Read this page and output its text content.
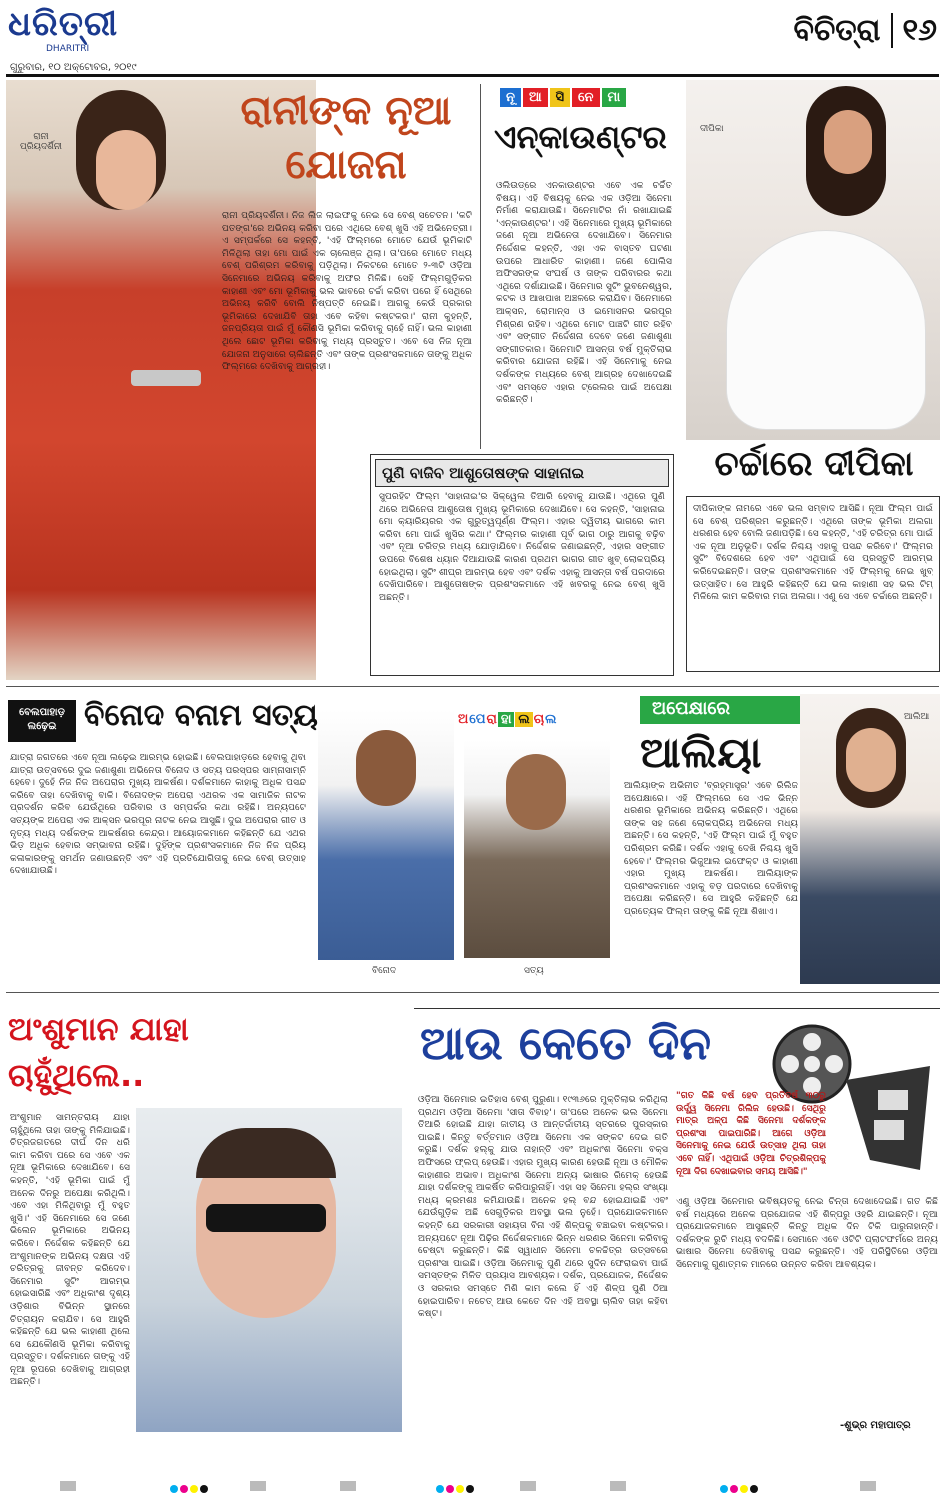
ଧରିତ୍ରୀ
DHARITRI
ଗୁରୁବାର, ୧୦ ଅକ୍ଟୋବର, ୨୦୧୯
ବିଚିତ୍ରା ୧୬
ରାନୀ ପ୍ରିୟଦର୍ଶିନୀ
ରାନୀଙ୍କ ନୂଆ
ଯୋଜନା
ରାନୀ ପ୍ରିୟଦର୍ଶିନୀ। ନିଜ ଲିଜ ଲାଇଫକୁ ନେଇ ସେ ବେଶ୍ ସଚେତନ। 'କଟି ପତଙ୍ଗ'ରେ ଅଭିନୟ କରିବା ପରେ ଏଥିରେ ବେଶ୍ ଖୁସି ଏହି ଅଭିନେତ୍ରୀ। ଏ ସମ୍ପର୍କରେ ସେ କହନ୍ତି, 'ଏହି ଫିଲ୍ମରେ ମୋତେ ଯେଉଁ ଭୂମିକାଟି ମିଳିଥିଲା ତାହା ମୋ ପାଇଁ ଏକ ଚାଲେଞ୍ଜ ଥିଲା। ତା'ପରେ ମୋତେ ମଧ୍ୟ ବେଶ୍ ପରିଶ୍ରମ କରିବାକୁ ପଡ଼ିଥିଲା। ନିକଟରେ ମୋତେ ୨-୩ଟି ଓଡ଼ିଆ ସିନେମାରେ ଅଭିନୟ କରିବାକୁ ଅଫର ମିଳିଛି। ସେହି ଫିଲ୍ମଗୁଡ଼ିକର କାହାଣୀ ଏବଂ ମୋ ଭୂମିକାକୁ ଭଲ ଭାବରେ ଚର୍ଚ୍ଚା କରିବା ପରେ ହିଁ ସେଥିରେ ଅଭିନୟ କରିବି ବୋଲି ନିଷ୍ପତ୍ତି ନେଇଛି। ଆଗକୁ କେଉଁ ପ୍ରକାର ଭୂମିକାରେ ଦେଖାଯିବି ତାହା ଏବେ କହିବା କଷ୍ଟକର।' ରାନୀ କୁହନ୍ତି, ଜନପ୍ରିୟତା ପାଇଁ ମୁଁ କୌଣସି ଭୂମିକା କରିବାକୁ ଚାହେଁ ନାହିଁ। ଭଲ କାହାଣୀ ଥିଲେ ଛୋଟ ଭୂମିକା କରିବାକୁ ମଧ୍ୟ ପ୍ରସ୍ତୁତ। ଏବେ ସେ ନିଜ ନୂଆ ଯୋଜନା ଅନୁସାରେ ଚାଲିଛନ୍ତି ଏବଂ ତାଙ୍କ ପ୍ରଶଂସକମାନେ ତାଙ୍କୁ ଅଧିକ ଫିଲ୍ମରେ ଦେଖିବାକୁ ଆଗ୍ରହୀ।
ନୂ	ଆ	ସି	ନେ	ମା
ଏନ୍‌କାଉଣ୍ଟର
ଓଲିଉଡ୍‌ରେ ଏନକାଉଣ୍ଟର ଏବେ ଏକ ଚର୍ଚ୍ଚିତ ବିଷୟ। ଏହି ବିଷୟକୁ ନେଇ ଏକ ଓଡ଼ିଆ ସିନେମା ନିର୍ମାଣ କରାଯାଉଛି। ସିନେମାଟିର ନାଁ ରଖାଯାଇଛି 'ଏନ୍‌କାଉଣ୍ଟର'। ଏହି ସିନେମାରେ ମୁଖ୍ୟ ଭୂମିକାରେ ଜଣେ ନୂଆ ଅଭିନେତା ଦେଖାଯିବେ। ସିନେମାର ନିର୍ଦ୍ଦେଶକ କହନ୍ତି, ଏହା ଏକ ବାସ୍ତବ ଘଟଣା ଉପରେ ଆଧାରିତ କାହାଣୀ। ଜଣେ ପୋଲିସ ଅଫିସରଙ୍କ ସଂଘର୍ଷ ଓ ତାଙ୍କ ପରିବାରର କଥା ଏଥିରେ ଦର୍ଶାଯାଇଛି। ସିନେମାର ସୁଟିଂ ଭୁବନେଶ୍ୱର, କଟକ ଓ ଆଖପାଖ ଅଞ୍ଚଳରେ କରାଯିବ। ସିନେମାରେ ଆକ୍ସନ, ରୋମାନ୍ସ ଓ ଇମୋସନର ଭରପୂର ମିଶ୍ରଣ ରହିବ। ଏଥିରେ ମୋଟ ପାଞ୍ଚଟି ଗୀତ ରହିବ ଏବଂ ସଙ୍ଗୀତ ନିର୍ଦ୍ଦେଶନା ଦେବେ ଜଣେ ଜଣାଶୁଣା ସଙ୍ଗୀତକାର। ସିନେମାଟି ଆସନ୍ତା ବର୍ଷ ମୁକ୍ତିଲାଭ କରିବାର ଯୋଜନା ରହିଛି। ଏହି ସିନେମାକୁ ନେଇ ଦର୍ଶକଙ୍କ ମଧ୍ୟରେ ବେଶ୍ ଆଗ୍ରହ ଦେଖାଦେଇଛି ଏବଂ ସମସ୍ତେ ଏହାର ଟ୍ରେଲର ପାଇଁ ଅପେକ୍ଷା କରିଛନ୍ତି।
ଦୀପିକା
ଚର୍ଚ୍ଚାରେ ଦୀପିକା
ଦୀପିକାଙ୍କ ନାମରେ ଏବେ ଭଲ ସମ୍ବାଦ ଆସିଛି। ନୂଆ ଫିଲ୍ମ ପାଇଁ ସେ ବେଶ୍ ପରିଶ୍ରମ କରୁଛନ୍ତି। ଏଥିରେ ତାଙ୍କ ଭୂମିକା ଅଲଗା ଧରଣର ହେବ ବୋଲି ଜଣାପଡ଼ିଛି। ସେ କହନ୍ତି, 'ଏହି ଚରିତ୍ର ମୋ ପାଇଁ ଏକ ନୂଆ ଅନୁଭୂତି। ଦର୍ଶକ ନିଶ୍ଚୟ ଏହାକୁ ପସନ୍ଦ କରିବେ।' ଫିଲ୍ମର ସୁଟିଂ ବିଦେଶରେ ହେବ ଏବଂ ଏଥିପାଇଁ ସେ ପ୍ରସ୍ତୁତି ଆରମ୍ଭ କରିଦେଇଛନ୍ତି। ତାଙ୍କ ପ୍ରଶଂସକମାନେ ଏହି ଫିଲ୍ମକୁ ନେଇ ଖୁବ୍ ଉତ୍ସାହିତ। ସେ ଆହୁରି କହିଛନ୍ତି ଯେ ଭଲ କାହାଣୀ ସହ ଭଲ ଟିମ୍ ମିଳିଲେ କାମ କରିବାର ମଜା ଅଲଗା। ଏଣୁ ସେ ଏବେ ଚର୍ଚ୍ଚାରେ ଅଛନ୍ତି।
ପୁଣି ବାଜିବ ଆଶୁତୋଷଙ୍କ ସାହାନାଇ
ସୁପରହିଟ ଫିଲ୍ମ 'ସାହାନାଇ'ର ସିକ୍ୱେଲ ତିଆରି ହେବାକୁ ଯାଉଛି। ଏଥିରେ ପୁଣି ଥରେ ଅଭିନେତା ଆଶୁତୋଷ ମୁଖ୍ୟ ଭୂମିକାରେ ଦେଖାଯିବେ। ସେ କହନ୍ତି, 'ସାହାନାଇ ମୋ କ୍ୟାରିୟରର ଏକ ଗୁରୁତ୍ୱପୂର୍ଣ୍ଣ ଫିଲ୍ମ। ଏହାର ଦ୍ୱିତୀୟ ଭାଗରେ କାମ କରିବା ମୋ ପାଇଁ ଖୁସିର କଥା।' ଫିଲ୍ମର କାହାଣୀ ପୂର୍ବ ଭାଗ ଠାରୁ ଆଗକୁ ବଢ଼ିବ ଏବଂ ନୂଆ ଚରିତ୍ର ମଧ୍ୟ ଯୋଡ଼ାଯିବେ। ନିର୍ଦ୍ଦେଶକ ଜଣାଇଛନ୍ତି, ଏହାର ସଙ୍ଗୀତ ଉପରେ ବିଶେଷ ଧ୍ୟାନ ଦିଆଯାଉଛି କାରଣ ପ୍ରଥମ ଭାଗର ଗୀତ ଖୁବ୍ ଲୋକପ୍ରିୟ ହୋଇଥିଲା। ସୁଟିଂ ଶୀଘ୍ର ଆରମ୍ଭ ହେବ ଏବଂ ଦର୍ଶକ ଏହାକୁ ଆସନ୍ତା ବର୍ଷ ପରଦାରେ ଦେଖିପାରିବେ। ଆଶୁତୋଷଙ୍କ ପ୍ରଶଂସକମାନେ ଏହି ଖବରକୁ ନେଇ ବେଶ୍ ଖୁସି ଅଛନ୍ତି।
ବେଲପାହାଡ଼ ଲଢ଼େଇ ବିନୋଦ ବନାମ ସତ୍ୟ	ଅ ପେ ରା ହା ଲ ଚା ଲ
ଯାତ୍ରା ଜଗତରେ ଏବେ ନୂଆ ଲଢ଼େଇ ଆରମ୍ଭ ହୋଇଛି। ବେଲପାହାଡ଼ରେ ହେବାକୁ ଥିବା ଯାତ୍ରା ଉତ୍ସବରେ ଦୁଇ ଜଣାଶୁଣା ଅଭିନେତା ବିନୋଦ ଓ ସତ୍ୟ ପରସ୍ପର ସାମ୍ନାସାମ୍ନି ହେବେ। ଦୁହେଁ ନିଜ ନିଜ ଅପେରାର ମୁଖ୍ୟ ଆକର୍ଷଣ। ଦର୍ଶକମାନେ କାହାକୁ ଅଧିକ ପସନ୍ଦ କରିବେ ତାହା ଦେଖିବାକୁ ବାକି। ବିନୋଦଙ୍କ ଅପେରା ଏଥରକ ଏକ ସାମାଜିକ ନାଟକ ପ୍ରଦର୍ଶନ କରିବ ଯେଉଁଥିରେ ପରିବାର ଓ ସମ୍ପର୍କର କଥା ରହିଛି। ଅନ୍ୟପଟେ ସତ୍ୟଙ୍କ ଅପେରା ଏକ ଆକ୍ସନ ଭରପୂର ନାଟକ ନେଇ ଆସୁଛି। ଦୁଇ ଅପେରାର ଗୀତ ଓ ନୃତ୍ୟ ମଧ୍ୟ ଦର୍ଶକଙ୍କ ଆକର୍ଷଣର କେନ୍ଦ୍ର। ଆୟୋଜକମାନେ କହିଛନ୍ତି ଯେ ଏଥର ଭିଡ଼ ଅଧିକ ହେବାର ସମ୍ଭାବନା ରହିଛି। ଦୁହିଁଙ୍କ ପ୍ରଶଂସକମାନେ ନିଜ ନିଜ ପ୍ରିୟ କଳାକାରଙ୍କୁ ସମର୍ଥନ ଜଣାଉଛନ୍ତି ଏବଂ ଏହି ପ୍ରତିଯୋଗିତାକୁ ନେଇ ବେଶ୍ ଉତ୍ସାହ ଦେଖାଯାଉଛି।
ବିନୋଦ	ସତ୍ୟ
ଅପେକ୍ଷାରେ
ଆଲିୟା
ଆଲିଆ
ଆଲିୟାଙ୍କ ଅଭିନୀତ 'ବ୍ରହ୍ମାସ୍ତ୍ର' ଏବେ ରିଲିଜ ଅପେକ୍ଷାରେ। ଏହି ଫିଲ୍ମରେ ସେ ଏକ ଭିନ୍ନ ଧରଣର ଭୂମିକାରେ ଅଭିନୟ କରିଛନ୍ତି। ଏଥିରେ ତାଙ୍କ ସହ ଜଣେ ଲୋକପ୍ରିୟ ଅଭିନେତା ମଧ୍ୟ ଅଛନ୍ତି। ସେ କହନ୍ତି, 'ଏହି ଫିଲ୍ମ ପାଇଁ ମୁଁ ବହୁତ ପରିଶ୍ରମ କରିଛି। ଦର୍ଶକ ଏହାକୁ ଦେଖି ନିଶ୍ଚୟ ଖୁସି ହେବେ।' ଫିଲ୍ମର ଭିଜୁଆଲ ଇଫେକ୍ଟ ଓ କାହାଣୀ ଏହାର ମୁଖ୍ୟ ଆକର୍ଷଣ। ଆଲିୟାଙ୍କ ପ୍ରଶଂସକମାନେ ଏହାକୁ ବଡ଼ ପରଦାରେ ଦେଖିବାକୁ ଅପେକ୍ଷା କରିଛନ୍ତି। ସେ ଆହୁରି କହିଛନ୍ତି ଯେ ପ୍ରତ୍ୟେକ ଫିଲ୍ମ ତାଙ୍କୁ କିଛି ନୂଆ ଶିଖାଏ।
ଅଂଶୁମାନ ଯାହା
ଚାହୁଁଥିଲେ..
ଅଂଶୁମାନ ସାମନ୍ତରାୟ ଯାହା ଚାହୁଁଥିଲେ ତାହା ତାଙ୍କୁ ମିଳିଯାଇଛି। ଚିତ୍ରଜଗତରେ ଦୀର୍ଘ ଦିନ ଧରି କାମ କରିବା ପରେ ସେ ଏବେ ଏକ ନୂଆ ଭୂମିକାରେ ଦେଖାଯିବେ। ସେ କହନ୍ତି, 'ଏହି ଭୂମିକା ପାଇଁ ମୁଁ ଅନେକ ଦିନରୁ ଅପେକ୍ଷା କରିଥିଲି। ଏବେ ଏହା ମିଳିଥିବାରୁ ମୁଁ ବହୁତ ଖୁସି।' ଏହି ସିନେମାରେ ସେ ଜଣେ ଭିଲେନ ଭୂମିକାରେ ଅଭିନୟ କରିବେ। ନିର୍ଦ୍ଦେଶକ କହିଛନ୍ତି ଯେ ଅଂଶୁମାନଙ୍କ ଅଭିନୟ ଦକ୍ଷତା ଏହି ଚରିତ୍ରକୁ ଜୀବନ୍ତ କରିଦେବ। ସିନେମାର ସୁଟିଂ ଆରମ୍ଭ ହୋଇସାରିଛି ଏବଂ ଅଧିକାଂଶ ଦୃଶ୍ୟ ଓଡ଼ିଶାର ବିଭିନ୍ନ ସ୍ଥାନରେ ଚିତ୍ରାୟନ କରାଯିବ। ସେ ଆହୁରି କହିଛନ୍ତି ଯେ ଭଲ କାହାଣୀ ଥିଲେ ସେ ଯେକୌଣସି ଭୂମିକା କରିବାକୁ ପ୍ରସ୍ତୁତ। ଦର୍ଶକମାନେ ତାଙ୍କୁ ଏହି ନୂଆ ରୂପରେ ଦେଖିବାକୁ ଆଗ୍ରହୀ ଅଛନ୍ତି।
ଆଉ କେତେ ଦିନ
"ଗତ କିଛି ବର୍ଷ ହେବ ପ୍ରତିବର୍ଷ ୩୦ରୁ ଉର୍ଦ୍ଧ୍ୱ ସିନେମା ରିଲିଜ ହେଉଛି। ସେଥିରୁ ମାତ୍ର ଅଳ୍ପ କିଛି ସିନେମା ଦର୍ଶକଙ୍କ ପ୍ରଶଂସା ପାଇପାରିଛି। ଆଗେ ଓଡ଼ିଆ ସିନେମାକୁ ନେଇ ଯେଉଁ ଉତ୍ସାହ ଥିଲା ତାହା ଏବେ ନାହିଁ। ଏଥିପାଇଁ ଓଡ଼ିଆ ଚିତ୍ରଶିଳ୍ପକୁ ନୂଆ ଦିଗ ଦେଖାଇବାର ସମୟ ଆସିଛି।"
ଓଡ଼ିଆ ସିନେମାର ଇତିହାସ ବେଶ୍ ପୁରୁଣା। ୧୯୩୬ରେ ମୁକ୍ତିଲାଭ କରିଥିଲା ପ୍ରଥମ ଓଡ଼ିଆ ସିନେମା 'ସୀତା ବିବାହ'। ତା'ପରେ ଅନେକ ଭଲ ସିନେମା ତିଆରି ହୋଇଛି ଯାହା ଜାତୀୟ ଓ ଆନ୍ତର୍ଜାତୀୟ ସ୍ତରରେ ପୁରସ୍କାର ପାଇଛି। କିନ୍ତୁ ବର୍ତ୍ତମାନ ଓଡ଼ିଆ ସିନେମା ଏକ ସଙ୍କଟ ଦେଇ ଗତି କରୁଛି। ଦର୍ଶକ ହଲ୍‌କୁ ଯାଉ ନାହାନ୍ତି ଏବଂ ଅଧିକାଂଶ ସିନେମା ବକ୍ସ ଅଫିସରେ ଫ୍ଲପ୍ ହେଉଛି। ଏହାର ମୁଖ୍ୟ କାରଣ ହେଉଛି ନୂଆ ଓ ମୌଳିକ କାହାଣୀର ଅଭାବ। ଅଧିକାଂଶ ସିନେମା ଅନ୍ୟ ଭାଷାର ରିମେକ୍ ହେଉଛି ଯାହା ଦର୍ଶକଙ୍କୁ ଆକର୍ଷିତ କରିପାରୁନାହିଁ। ଏହା ସହ ସିନେମା ହଲ୍‌ର ସଂଖ୍ୟା ମଧ୍ୟ କ୍ରମଶଃ କମିଯାଉଛି। ଅନେକ ହଲ୍ ବନ୍ଦ ହୋଇଯାଇଛି ଏବଂ ଯେଉଁଗୁଡ଼ିକ ଅଛି ସେଗୁଡ଼ିକର ଅବସ୍ଥା ଭଲ ନୁହେଁ। ପ୍ରଯୋଜକମାନେ କହନ୍ତି ଯେ ସରକାରୀ ସହାୟତା ବିନା ଏହି ଶିଳ୍ପକୁ ବଞ୍ଚାଇବା କଷ୍ଟକର। ଅନ୍ୟପଟେ ନୂଆ ପିଢ଼ିର ନିର୍ଦ୍ଦେଶକମାନେ ଭିନ୍ନ ଧରଣର ସିନେମା କରିବାକୁ ଚେଷ୍ଟା କରୁଛନ୍ତି। କିଛି ସ୍ୱାଧୀନ ସିନେମା ଚଳଚ୍ଚିତ୍ର ଉତ୍ସବରେ ପ୍ରଶଂସା ପାଇଛି। ଓଡ଼ିଆ ସିନେମାକୁ ପୁଣି ଥରେ ସୁଦିନ ଫେରାଇବା ପାଇଁ ସମସ୍ତଙ୍କ ମିଳିତ ପ୍ରୟାସ ଆବଶ୍ୟକ। ଦର୍ଶକ, ପ୍ରଯୋଜକ, ନିର୍ଦ୍ଦେଶକ ଓ ସରକାର ସମସ୍ତେ ମିଶି କାମ କଲେ ହିଁ ଏହି ଶିଳ୍ପ ପୁଣି ଠିଆ ହୋଇପାରିବ। ନଚେତ୍ ଆଉ କେତେ ଦିନ ଏହି ଅବସ୍ଥା ଚାଲିବ ତାହା କହିବା କଷ୍ଟ।
ଏଣୁ ଓଡ଼ିଆ ସିନେମାର ଭବିଷ୍ୟତକୁ ନେଇ ଚିନ୍ତା ଦେଖାଦେଇଛି। ଗତ କିଛି ବର୍ଷ ମଧ୍ୟରେ ଅନେକ ପ୍ରଯୋଜକ ଏହି ଶିଳ୍ପରୁ ଓହରି ଯାଇଛନ୍ତି। ନୂଆ ପ୍ରଯୋଜକମାନେ ଆସୁଛନ୍ତି କିନ୍ତୁ ଅଧିକ ଦିନ ଟିକି ପାରୁନାହାନ୍ତି। ଦର୍ଶକଙ୍କ ରୁଚି ମଧ୍ୟ ବଦଳିଛି। ସେମାନେ ଏବେ ଓଟିଟି ପ୍ଲାଟଫର୍ମରେ ଅନ୍ୟ ଭାଷାର ସିନେମା ଦେଖିବାକୁ ପସନ୍ଦ କରୁଛନ୍ତି। ଏହି ପରିସ୍ଥିତିରେ ଓଡ଼ିଆ ସିନେମାକୁ ଗୁଣାତ୍ମକ ମାନରେ ଉନ୍ନତ କରିବା ଆବଶ୍ୟକ।
-ଶୁଭ୍ର ମହାପାତ୍ର
